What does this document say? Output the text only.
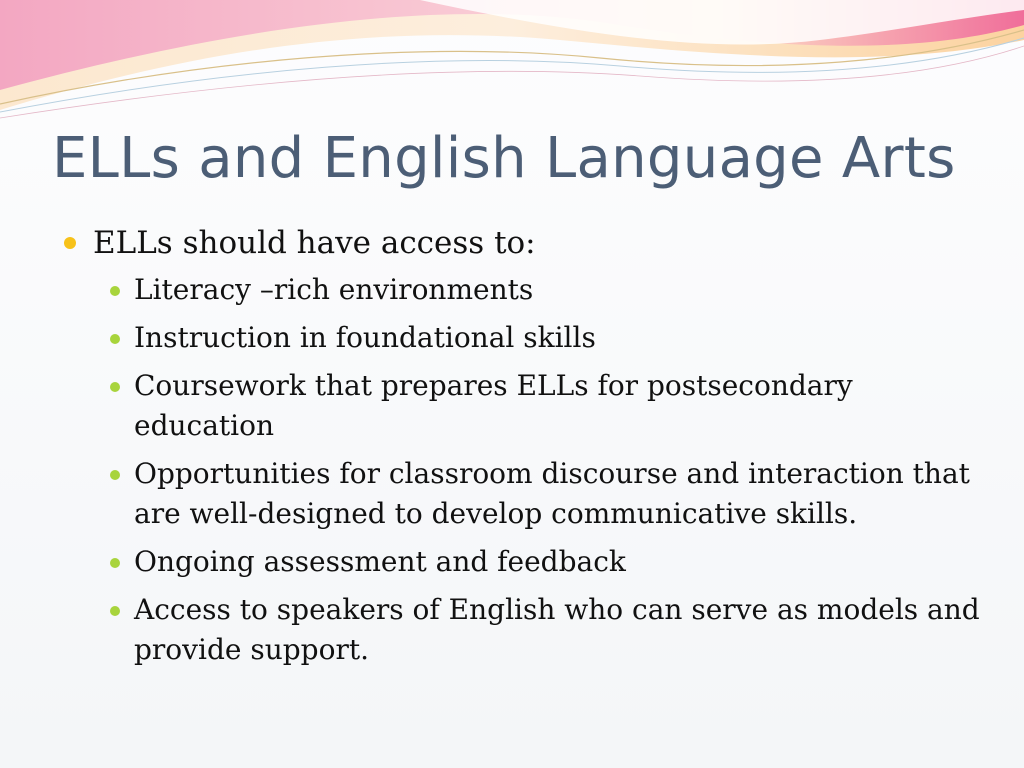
ELLs and English Language Arts
ELLs should have access to:
Literacy –rich environments
Instruction in foundational skills
Coursework that prepares ELLs for postsecondary education
Opportunities for classroom discourse and interaction that are well-designed to develop communicative skills.
Ongoing assessment and feedback
Access to speakers of English who can serve as models and provide support.
